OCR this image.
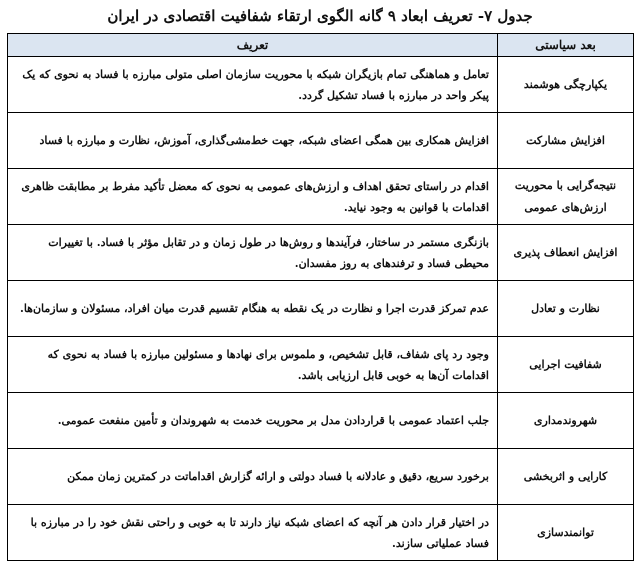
جدول ۷- تعریف ابعاد ۹ گانه الگوی ارتقاء شفافیت اقتصادی در ایران
بعد سیاستی	تعریف
یکپارچگی هوشمند	تعامل و هماهنگی تمام بازیگران شبکه با محوریت سازمان اصلی متولی مبارزه با فساد به نحوی که یک پیکر واحد در مبارزه با فساد تشکیل گردد.
افزایش مشارکت	افزایش همکاری بین همگی اعضای شبکه، جهت خط‌مشی‌گذاری، آموزش، نظارت و مبارزه با فساد
نتیجه‌گرایی با محوریت ارزش‌های عمومی	اقدام در راستای تحقق اهداف و ارزش‌های عمومی به نحوی که معضل تأکید مفرط بر مطابقت ظاهری اقدامات با قوانین به وجود نیاید.
افزایش انعطاف پذیری	بازنگری مستمر در ساختار، فرآیندها و روش‌ها در طول زمان و در تقابل مؤثر با فساد. با تغییرات محیطی فساد و ترفندهای به روز مفسدان.
نظارت و تعادل	عدم تمرکز قدرت اجرا و نظارت در یک نقطه به هنگام تقسیم قدرت میان افراد، مسئولان و سازمان‌ها.
شفافیت اجرایی	وجود رد پای شفاف، قابل تشخیص، و ملموس برای نهادها و مسئولین مبارزه با فساد به نحوی که اقدامات آن‌ها به خوبی قابل ارزیابی باشد.
شهروندمداری	جلب اعتماد عمومی با قراردادن مدل بر محوریت خدمت به شهروندان و تأمین منفعت عمومی.
کارایی و اثربخشی	برخورد سریع، دقیق و عادلانه با فساد دولتی و ارائه گزارش اقداماتت در کمترین زمان ممکن
توانمندسازی	در اختیار قرار دادن هر آنچه که اعضای شبکه نیاز دارند تا به خوبی و راحتی نقش خود را در مبارزه با فساد عملیاتی سازند.
